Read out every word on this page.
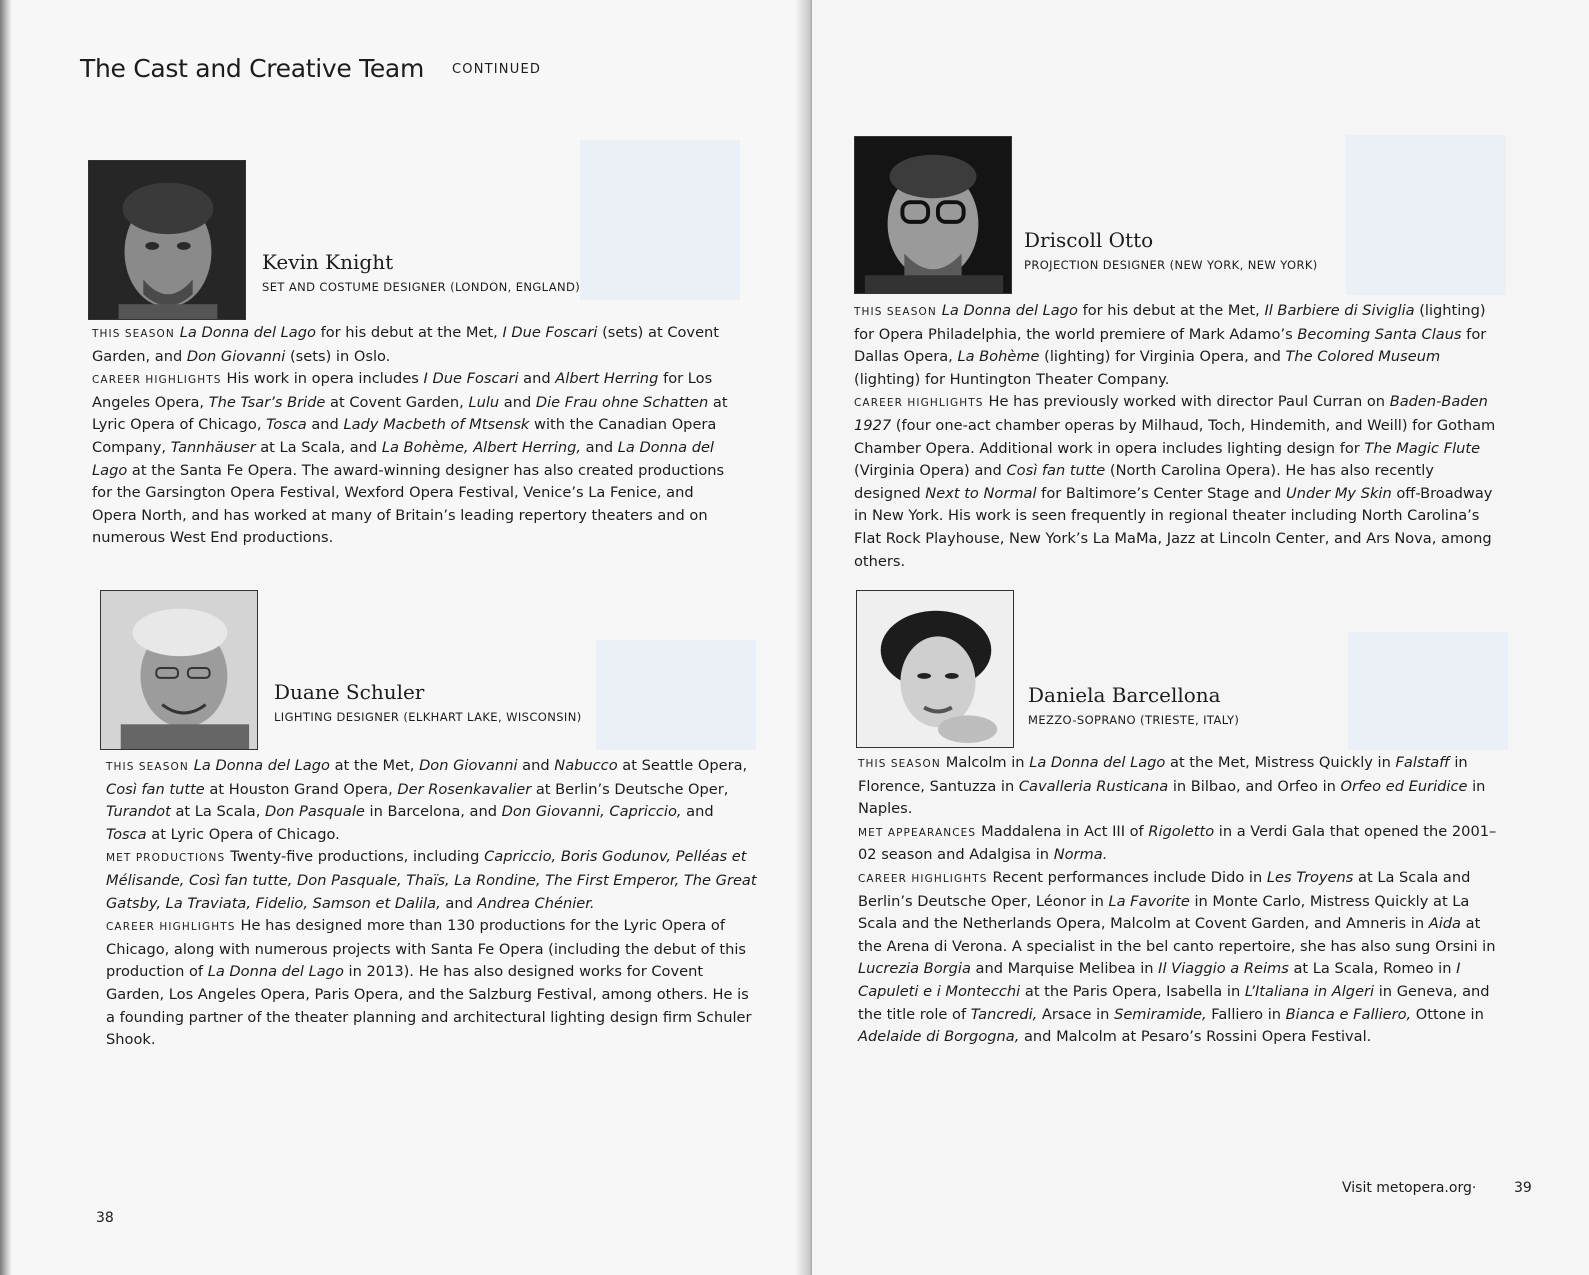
The Cast and Creative Team CONTINUED
Kevin Knight
SET AND COSTUME DESIGNER (LONDON, ENGLAND)

THIS SEASON La Donna del Lago for his debut at the Met, I Due Foscari (sets) at Covent Garden, and Don Giovanni (sets) in Oslo.

CAREER HIGHLIGHTS His work in opera includes I Due Foscari and Albert Herring for Los Angeles Opera, The Tsar’s Bride at Covent Garden, Lulu and Die Frau ohne Schatten at Lyric Opera of Chicago, Tosca and Lady Macbeth of Mtsensk with the Canadian Opera Company, Tannhäuser at La Scala, and La Bohème, Albert Herring, and La Donna del Lago at the Santa Fe Opera. The award-winning designer has also created productions for the Garsington Opera Festival, Wexford Opera Festival, Venice’s La Fenice, and Opera North, and has worked at many of Britain’s leading repertory theaters and on numerous West End productions.

Duane Schuler
LIGHTING DESIGNER (ELKHART LAKE, WISCONSIN)

THIS SEASON La Donna del Lago at the Met, Don Giovanni and Nabucco at Seattle Opera, Così fan tutte at Houston Grand Opera, Der Rosenkavalier at Berlin’s Deutsche Oper, Turandot at La Scala, Don Pasquale in Barcelona, and Don Giovanni, Capriccio, and Tosca at Lyric Opera of Chicago.

MET PRODUCTIONS Twenty-five productions, including Capriccio, Boris Godunov, Pelléas et Mélisande, Così fan tutte, Don Pasquale, Thaïs, La Rondine, The First Emperor, The Great Gatsby, La Traviata, Fidelio, Samson et Dalila, and Andrea Chénier.

CAREER HIGHLIGHTS He has designed more than 130 productions for the Lyric Opera of Chicago, along with numerous projects with Santa Fe Opera (including the debut of this production of La Donna del Lago in 2013). He has also designed works for Covent Garden, Los Angeles Opera, Paris Opera, and the Salzburg Festival, among others. He is a founding partner of the theater planning and architectural lighting design firm Schuler Shook.

38
Driscoll Otto
PROJECTION DESIGNER (NEW YORK, NEW YORK)

THIS SEASON La Donna del Lago for his debut at the Met, Il Barbiere di Siviglia (lighting) for Opera Philadelphia, the world premiere of Mark Adamo’s Becoming Santa Claus for Dallas Opera, La Bohème (lighting) for Virginia Opera, and The Colored Museum (lighting) for Huntington Theater Company.

CAREER HIGHLIGHTS He has previously worked with director Paul Curran on Baden-Baden 1927 (four one-act chamber operas by Milhaud, Toch, Hindemith, and Weill) for Gotham Chamber Opera. Additional work in opera includes lighting design for The Magic Flute (Virginia Opera) and Così fan tutte (North Carolina Opera). He has also recently designed Next to Normal for Baltimore’s Center Stage and Under My Skin off-Broadway in New York. His work is seen frequently in regional theater including North Carolina’s Flat Rock Playhouse, New York’s La MaMa, Jazz at Lincoln Center, and Ars Nova, among others.

Daniela Barcellona
MEZZO-SOPRANO (TRIESTE, ITALY)

THIS SEASON Malcolm in La Donna del Lago at the Met, Mistress Quickly in Falstaff in Florence, Santuzza in Cavalleria Rusticana in Bilbao, and Orfeo in Orfeo ed Euridice in Naples.

MET APPEARANCES Maddalena in Act III of Rigoletto in a Verdi Gala that opened the 2001–02 season and Adalgisa in Norma.

CAREER HIGHLIGHTS Recent performances include Dido in Les Troyens at La Scala and Berlin’s Deutsche Oper, Léonor in La Favorite in Monte Carlo, Mistress Quickly at La Scala and the Netherlands Opera, Malcolm at Covent Garden, and Amneris in Aida at the Arena di Verona. A specialist in the bel canto repertoire, she has also sung Orsini in Lucrezia Borgia and Marquise Melibea in Il Viaggio a Reims at La Scala, Romeo in I Capuleti e i Montecchi at the Paris Opera, Isabella in L’Italiana in Algeri in Geneva, and the title role of Tancredi, Arsace in Semiramide, Falliero in Bianca e Falliero, Ottone in Adelaide di Borgogna, and Malcolm at Pesaro’s Rossini Opera Festival.

Visit metopera.org·	39
